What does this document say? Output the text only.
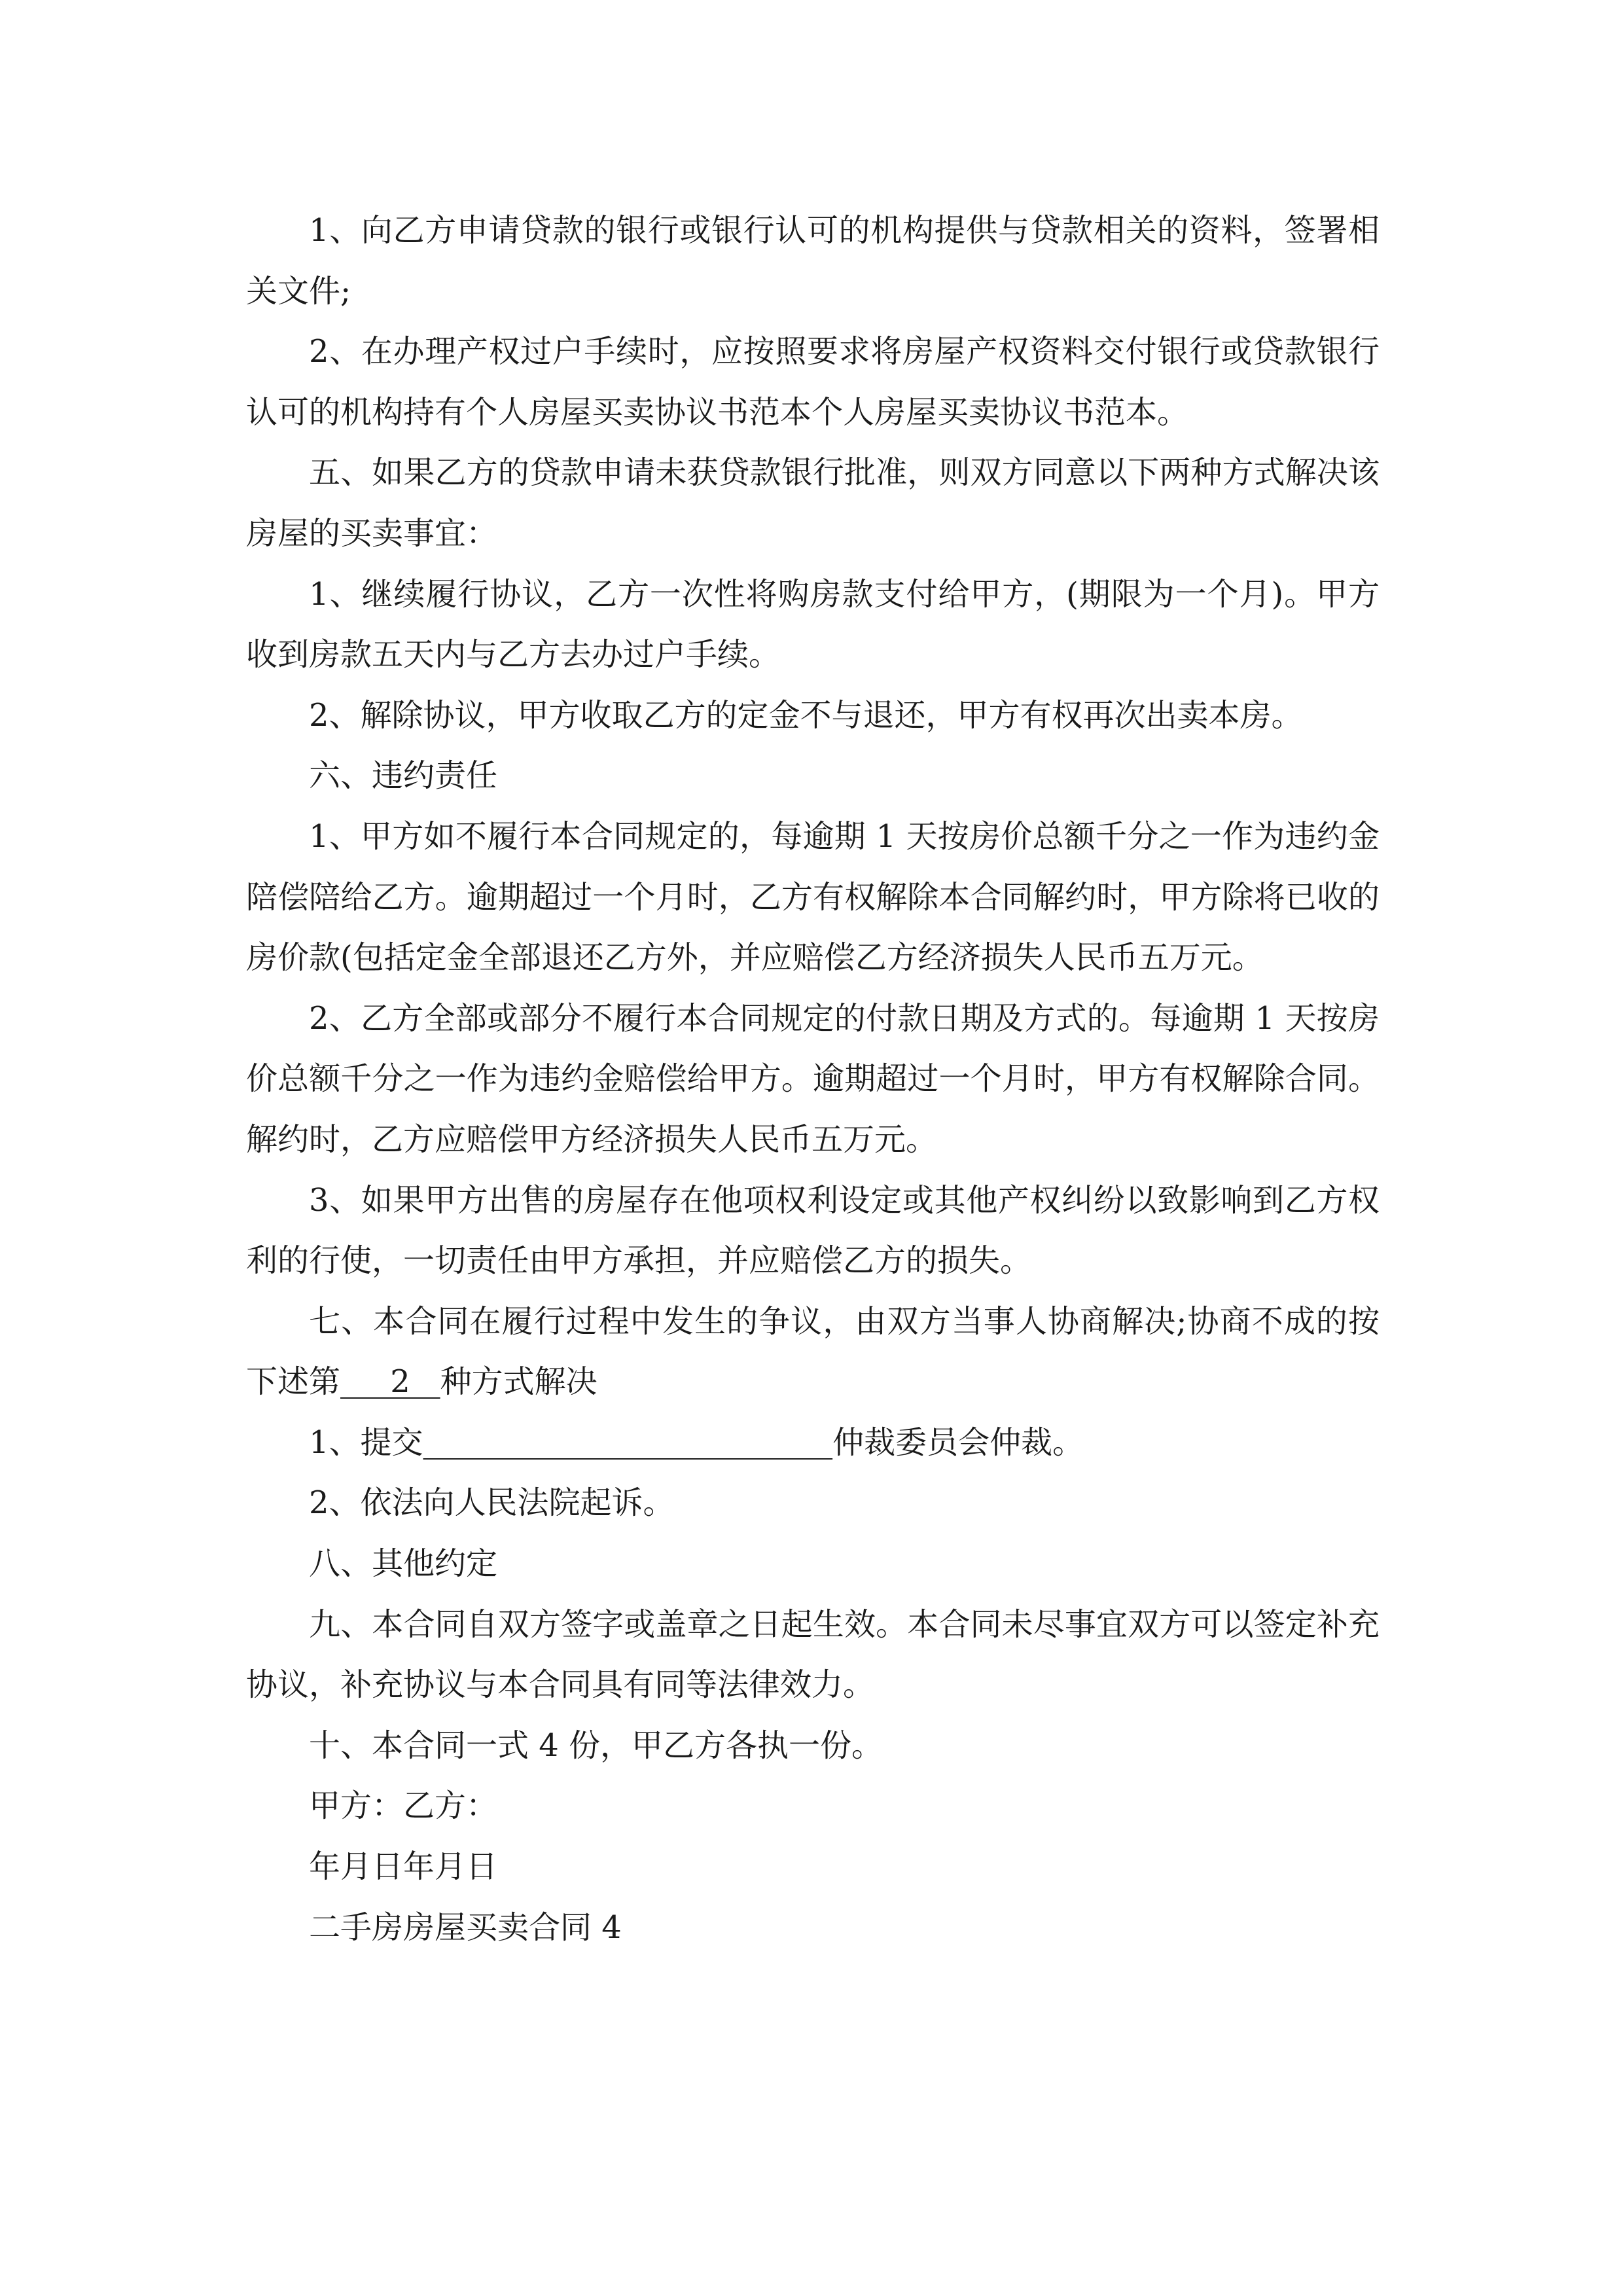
1、向乙方申请贷款的银行或银行认可的机构提供与贷款相关的资料，签署相关文件;

2、在办理产权过户手续时，应按照要求将房屋产权资料交付银行或贷款银行认可的机构持有个人房屋买卖协议书范本个人房屋买卖协议书范本。

五、如果乙方的贷款申请未获贷款银行批准，则双方同意以下两种方式解决该房屋的买卖事宜：

1、继续履行协议，乙方一次性将购房款支付给甲方，(期限为一个月)。甲方收到房款五天内与乙方去办过户手续。

2、解除协议，甲方收取乙方的定金不与退还，甲方有权再次出卖本房。

六、违约责任

1、甲方如不履行本合同规定的，每逾期 1 天按房价总额千分之一作为违约金陪偿陪给乙方。逾期超过一个月时，乙方有权解除本合同解约时，甲方除将已收的房价款(包括定金全部退还乙方外，并应赔偿乙方经济损失人民币五万元。

2、乙方全部或部分不履行本合同规定的付款日期及方式的。每逾期 1 天按房价总额千分之一作为违约金赔偿给甲方。逾期超过一个月时，甲方有权解除合同。解约时，乙方应赔偿甲方经济损失人民币五万元。

3、如果甲方出售的房屋存在他项权利设定或其他产权纠纷以致影响到乙方权利的行使，一切责任由甲方承担，并应赔偿乙方的损失。

七、本合同在履行过程中发生的争议，由双方当事人协商解决;协商不成的按下述第     2   种方式解决

1、提交	仲裁委员会仲裁。

2、依法向人民法院起诉。

八、其他约定

九、本合同自双方签字或盖章之日起生效。本合同未尽事宜双方可以签定补充协议，补充协议与本合同具有同等法律效力。

十、本合同一式 4 份，甲乙方各执一份。

甲方：乙方：

年月日年月日

二手房房屋买卖合同 4
